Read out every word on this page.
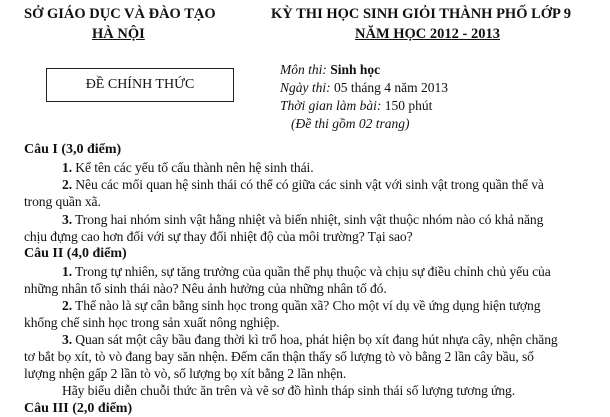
SỞ GIÁO DỤC VÀ ĐÀO TẠO
HÀ NỘI
KỲ THI HỌC SINH GIỎI THÀNH PHỐ LỚP 9
NĂM HỌC 2012 - 2013
ĐỀ CHÍNH THỨC
Môn thi: Sinh học
Ngày thi: 05 tháng 4 năm 2013
Thời gian làm bài: 150 phút
(Đề thi gồm 02 trang)
Câu I (3,0 điểm)
1. Kể tên các yếu tố cấu thành nên hệ sinh thái.
2. Nêu các mối quan hệ sinh thái có thể có giữa các sinh vật với sinh vật trong quần thể và
trong quần xã.
3. Trong hai nhóm sinh vật hằng nhiệt và biến nhiệt, sinh vật thuộc nhóm nào có khả năng
chịu đựng cao hơn đối với sự thay đổi nhiệt độ của môi trường? Tại sao?
Câu II (4,0 điểm)
1. Trong tự nhiên, sự tăng trưởng của quần thể phụ thuộc và chịu sự điều chỉnh chủ yếu của
những nhân tố sinh thái nào? Nêu ảnh hưởng của những nhân tố đó.
2. Thế nào là sự cân bằng sinh học trong quần xã? Cho một ví dụ về ứng dụng hiện tượng
khống chế sinh học trong sản xuất nông nghiệp.
3. Quan sát một cây bầu đang thời kì trổ hoa, phát hiện bọ xít đang hút nhựa cây, nhện chăng
tơ bắt bọ xít, tò vò đang bay săn nhện. Đếm cẩn thận thấy số lượng tò vò bằng 2 lần cây bầu, số
lượng nhện gấp 2 lần tò vò, số lượng bọ xít bằng 2 lần nhện.
Hãy biểu diễn chuỗi thức ăn trên và vẽ sơ đồ hình tháp sinh thái số lượng tương ứng.
Câu III (2,0 điểm)
